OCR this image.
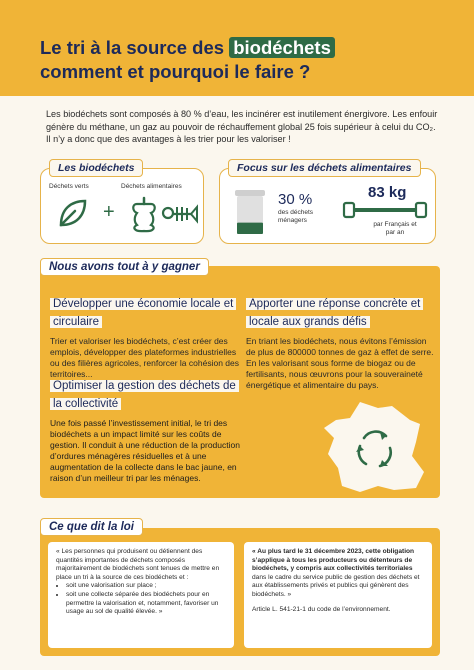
Le tri à la source des biodéchets
comment et pourquoi le faire ?

Les biodéchets sont composés à 80 % d’eau, les incinérer est inutilement énergivore. Les enfouir génère du méthane, un gaz au pouvoir de réchauffement global 25 fois supérieur à celui du CO₂. Il n’y a donc que des avantages à les trier pour les valoriser !

Les biodéchets
Déchets verts	Déchets alimentaires
+
Focus sur les déchets alimentaires
30 %
des déchets ménagers
83 kg
par Français et par an
Développer une économie locale et circulaire

Trier et valoriser les biodéchets, c’est créer des emplois, développer des plateformes industrielles ou des filières agricoles, renforcer la cohésion des territoires...

Apporter une réponse concrète et locale aux grands défis

En triant les biodéchets, nous évitons l’émission de plus de 800000 tonnes de gaz à effet de serre. En les valorisant sous forme de biogaz ou de fertilisants, nous œuvrons pour la souveraineté énergétique et alimentaire du pays.

Optimiser la gestion des déchets de la collectivité

Une fois passé l’investissement initial, le tri des biodéchets a un impact limité sur les coûts de gestion. Il conduit à une réduction de la production d’ordures ménagères résiduelles et à une augmentation de la collecte dans le bac jaune, en raison d’un meilleur tri par les ménages.

Nous avons tout à y gagner

« Les personnes qui produisent ou détiennent des quantités importantes de déchets composés majoritairement de biodéchets sont tenues de mettre en place un tri à la source de ces biodéchets et :

• soit une valorisation sur place ;
• soit une collecte séparée des biodéchets pour en permettre la valorisation et, notamment, favoriser un usage au sol de qualité élevée. »

« Au plus tard le 31 décembre 2023, cette obligation s’applique à tous les producteurs ou détenteurs de biodéchets, y compris aux collectivités territoriales dans le cadre du service public de gestion des déchets et aux établissements privés et publics qui génèrent des biodéchets. »

Article L. 541-21-1 du code de l’environnement.

Ce que dit la loi
